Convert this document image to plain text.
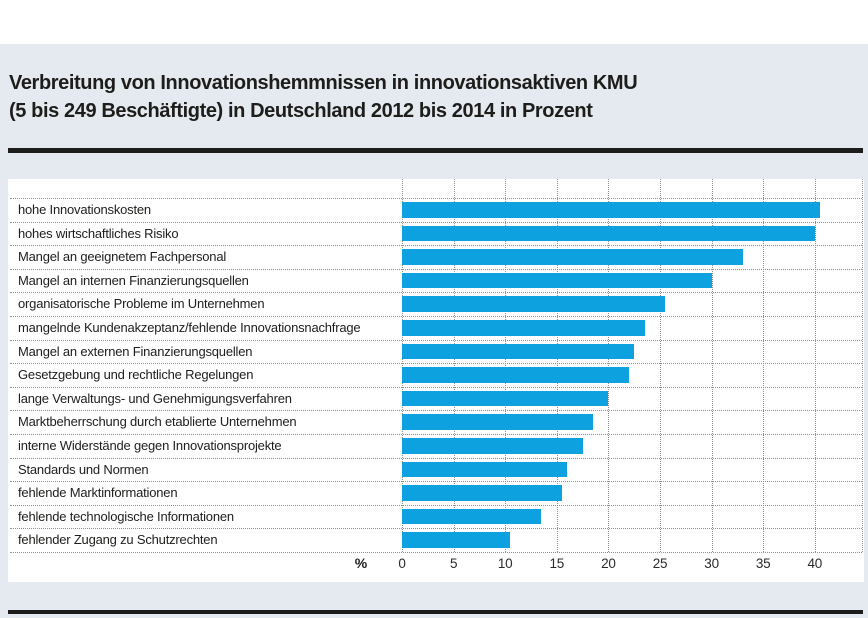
Verbreitung von Innovationshemmnissen in innovationsaktiven KMU
(5 bis 249 Beschäftigte) in Deutschland 2012 bis 2014 in Prozent
hohe Innovationskosten
hohes wirtschaftliches Risiko
Mangel an geeignetem Fachpersonal
Mangel an internen Finanzierungsquellen
organisatorische Probleme im Unternehmen
mangelnde Kundenakzeptanz/fehlende Innovationsnachfrage
Mangel an externen Finanzierungsquellen
Gesetzgebung und rechtliche Regelungen
lange Verwaltungs- und Genehmigungsverfahren
Marktbeherrschung durch etablierte Unternehmen
interne Widerstände gegen Innovationsprojekte
Standards und Normen
fehlende Marktinformationen
fehlende technologische Informationen
fehlender Zugang zu Schutzrechten
0	5	10	15	20	25	30	35	40
%
